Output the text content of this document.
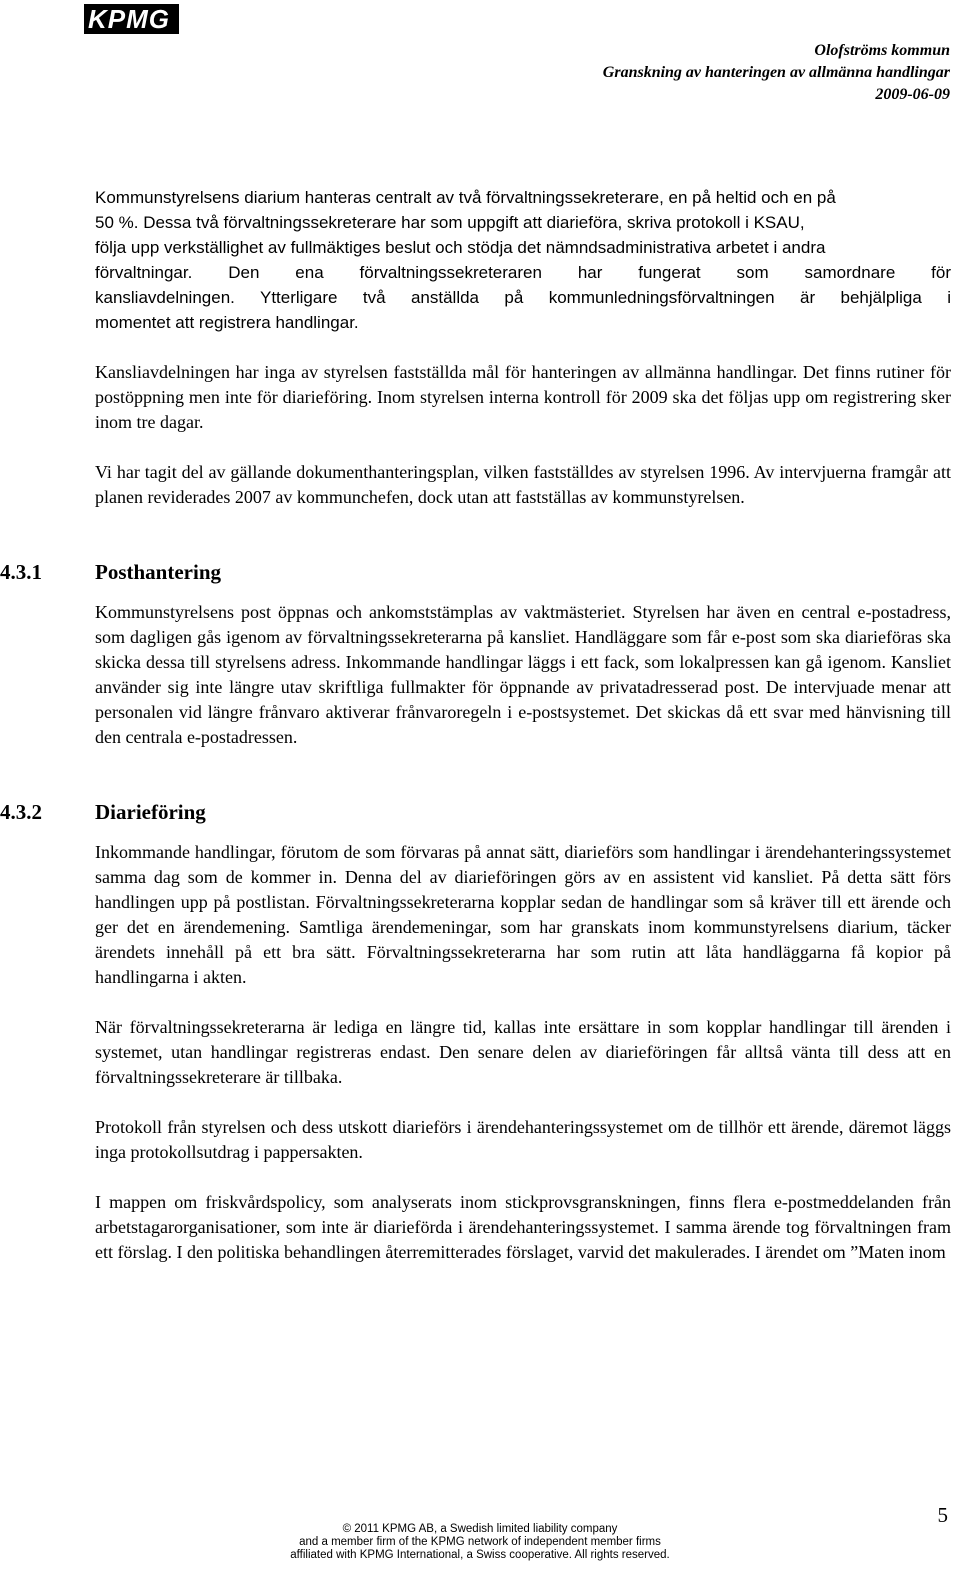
KPMG
Olofströms kommun
Granskning av hanteringen av allmänna handlingar
2009-06-09

Kommunstyrelsens diarium hanteras centralt av två förvaltningssekreterare, en på heltid och en på

50 %. Dessa två förvaltningssekreterare har som uppgift att diarieföra, skriva protokoll i KSAU,

följa upp verkställighet av fullmäktiges beslut och stödja det nämndsadministrativa arbetet i andra

förvaltningar. Den ena förvaltningssekreteraren har fungerat som samordnare för

kansliavdelningen. Ytterligare två anställda på kommunledningsförvaltningen är behjälpliga i

momentet att registrera handlingar.

Kansliavdelningen har inga av styrelsen fastställda mål för hanteringen av allmänna handlingar. Det finns rutiner för postöppning men inte för diarieföring. Inom styrelsen interna kontroll för 2009 ska det följas upp om registrering sker inom tre dagar.

Vi har tagit del av gällande dokumenthanteringsplan, vilken fastställdes av styrelsen 1996. Av intervjuerna framgår att planen reviderades 2007 av kommunchefen, dock utan att fastställas av kommunstyrelsen.

4.3.1	Posthantering

Kommunstyrelsens post öppnas och ankomststämplas av vaktmästeriet. Styrelsen har även en central e-postadress, som dagligen gås igenom av förvaltningssekreterarna på kansliet. Handläggare som får e-post som ska diarieföras ska skicka dessa till styrelsens adress. Inkommande handlingar läggs i ett fack, som lokalpressen kan gå igenom. Kansliet använder sig inte längre utav skriftliga fullmakter för öppnande av privatadresserad post. De intervjuade menar att personalen vid längre frånvaro aktiverar frånvaroregeln i e-postsystemet. Det skickas då ett svar med hänvisning till den centrala e-postadressen.

4.3.2	Diarieföring

Inkommande handlingar, förutom de som förvaras på annat sätt, diarieförs som handlingar i ärendehanteringssystemet samma dag som de kommer in. Denna del av diarieföringen görs av en assistent vid kansliet. På detta sätt förs handlingen upp på postlistan. Förvaltningssekreterarna kopplar sedan de handlingar som så kräver till ett ärende och ger det en ärendemening. Samtliga ärendemeningar, som har granskats inom kommunstyrelsens diarium, täcker ärendets innehåll på ett bra sätt. Förvaltningssekreterarna har som rutin att låta handläggarna få kopior på handlingarna i akten.

När förvaltningssekreterarna är lediga en längre tid, kallas inte ersättare in som kopplar handlingar till ärenden i systemet, utan handlingar registreras endast. Den senare delen av diarieföringen får alltså vänta till dess att en förvaltningssekreterare är tillbaka.

Protokoll från styrelsen och dess utskott diarieförs i ärendehanteringssystemet om de tillhör ett ärende, däremot läggs inga protokollsutdrag i pappersakten.

I mappen om friskvårdspolicy, som analyserats inom stickprovsgranskningen, finns flera e-postmeddelanden från arbetstagarorganisationer, som inte är diarieförda i ärendehanteringssystemet. I samma ärende tog förvaltningen fram ett förslag. I den politiska behandlingen återremitterades förslaget, varvid det makulerades. I ärendet om ”Maten inom

5
© 2011 KPMG AB, a Swedish limited liability company
and a member firm of the KPMG network of independent member firms
affiliated with KPMG International, a Swiss cooperative. All rights reserved.
